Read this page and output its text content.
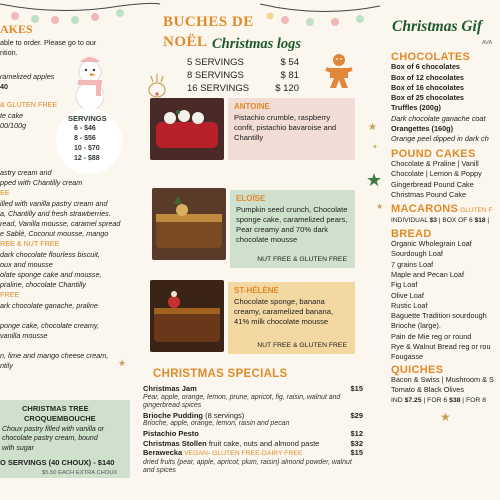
AKES
able to order. Please go to our
ntion.
ramelized apples
40
& GLUTEN FREE
te cake
00/100g
SERVINGS
6 - $46
8 - $56
10 - $70
12 - $88
astry cream and
pped with Chantilly cream
EE
illed with vanilla pastry cream and
a, Chantilly and fresh strawberries.
read, Vanilla mousse, caramel spread
e Sablé, Coconut mousse, mango
REE & NUT FREE
dark chocolate flourless biscuit,
oux and mousse
olate sponge cake and mousse,
praline, chocolate Chantilly
FREE
ark chocolate ganache, praline
ponge cake, chocolate creamy,
vanilla mousse
n, lime and mango cheese cream,
ntily	★
CHRISTMAS TREE
CROQUEMBOUCHE
Choux pastry filled with vanilla or
chocolate pastry cream, bound
with sugar
O SERVINGS (40 CHOUX) - $140
$5.50 EACH EXTRA CHOUX
BUCHES DE
NOËL Christmas logs
5 SERVINGS	$ 54
8 SERVINGS	$ 81
16 SERVINGS	$ 120
ANTOINE
Pistachio crumble, raspberry confit, pistachio bavaroise and Chantilly
ELOÏSE
Pumpkin seed crunch, Chocolate sponge cake, caramelized pears, Pear creamy and 70% dark chocolate mousse
NUT FREE & GLUTEN FREE
ST-HÉLÈNE
Chocolate sponge, banana creamy, caramelized banana, 41% milk chocolate mousse
NUT FREE & GLUTEN FREE
CHRISTMAS SPECIALS
Christmas Jam	$15
Pear, apple, orange, lemon, prune, apricot, fig, raisin, walnut and gingerbread spices
Brioche Pudding (8 servings)	$29
Brioche, apple, orange, lemon, raisin and pecan
Pistachio Pesto	$12
Christmas Stollen fruit cake, nuts and almond paste	$32
Berawecka VEGAN- GLUTEN FREE-DAIRY FREE	$15
dried fruits (pear, apple, apricot, plum, raisin) almond powder, walnut and spices
Christmas Gif
AVA
★
✦
★
★
★
CHOCOLATES
Box of 6 chocolates
Box of 12 chocolates
Box of 16 chocolates
Box of 25 chocolates
Truffles (200g)
Dark chocolate ganache coat
Orangettes (160g)
Orange peel dipped in dark ch
POUND CAKES
Chocolate & Praline | Vanill
Chocolate | Lemon & Poppy
Gingerbread Pound Cake
Christmas Pound Cake
MACARONS GLUTEN F
INDIVIDUAL $3 | BOX OF 6 $18 |
BREAD
Organic Wholegrain Loaf
Sourdough Loaf
7 grains Loaf
Maple and Pecan Loaf
Fig Loaf
Olive Loaf
Rustic Loaf
Baguette Tradition sourdough
Brioche (large).
Pain de Mie reg or round
Rye & Walnut Bread reg or rou
Fougasse
QUICHES
Bacon & Swiss | Mushroom & S
Tomato & Black Olives
IND $7.25 | FOR 6 $38 | FOR 8
